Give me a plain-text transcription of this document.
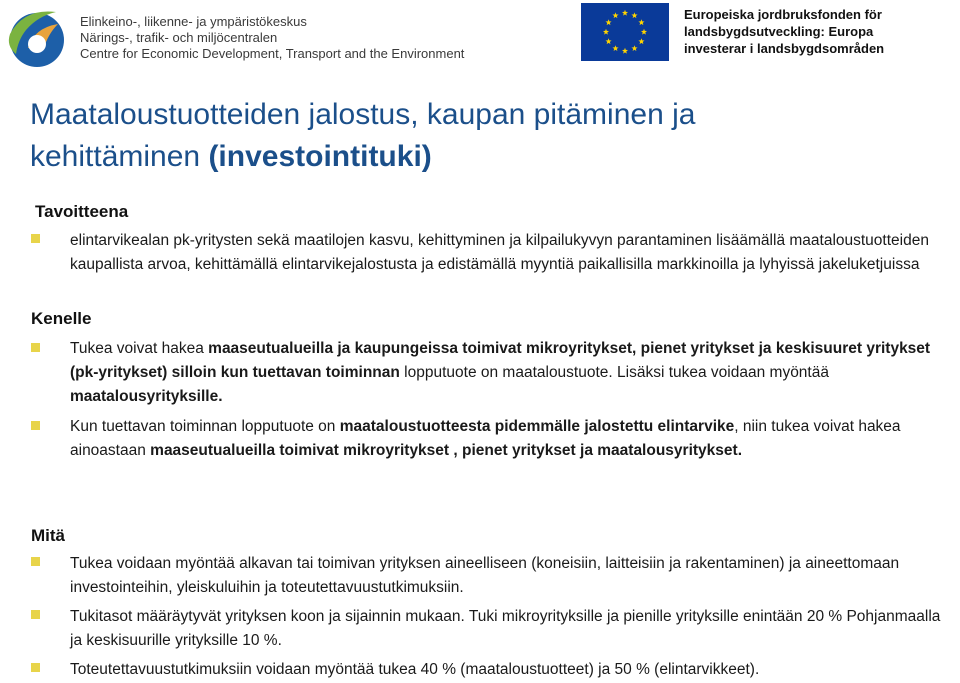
Elinkeino-, liikenne- ja ympäristökeskus
Närings-, trafik- och miljöcentralen
Centre for Economic Development, Transport and the Environment
Europeiska jordbruksfonden för
landsbygdsutveckling: Europa
investerar i landsbygdsområden
Maataloustuotteiden jalostus, kaupan pitäminen ja
kehittäminen (investointituki)
Tavoitteena
elintarvikealan pk-yritysten sekä maatilojen kasvu, kehittyminen ja kilpailukyvyn parantaminen lisäämällä maataloustuotteiden kaupallista arvoa, kehittämällä elintarvikejalostusta ja edistämällä myyntiä paikallisilla markkinoilla ja lyhyissä jakeluketjuissa
Kenelle
Tukea voivat hakea maaseutualueilla ja kaupungeissa toimivat mikroyritykset, pienet yritykset ja keskisuuret yritykset (pk-yritykset) silloin kun tuettavan toiminnan lopputuote on maataloustuote. Lisäksi tukea voidaan myöntää maatalousyrityksille.
Kun tuettavan toiminnan lopputuote on maataloustuotteesta pidemmälle jalostettu elintarvike, niin tukea voivat hakea ainoastaan maaseutualueilla toimivat mikroyritykset , pienet yritykset ja maatalousyritykset.
Mitä
Tukea voidaan myöntää alkavan tai toimivan yrityksen aineelliseen (koneisiin, laitteisiin ja rakentaminen) ja aineettomaan investointeihin, yleiskuluihin ja toteutettavuustutkimuksiin.
Tukitasot määräytyvät yrityksen koon ja sijainnin mukaan. Tuki mikroyrityksille ja pienille yrityksille enintään 20 % Pohjanmaalla ja keskisuurille yrityksille 10 %.
Toteutettavuustutkimuksiin voidaan myöntää tukea 40 % (maataloustuotteet) ja 50 % (elintarvikkeet).
